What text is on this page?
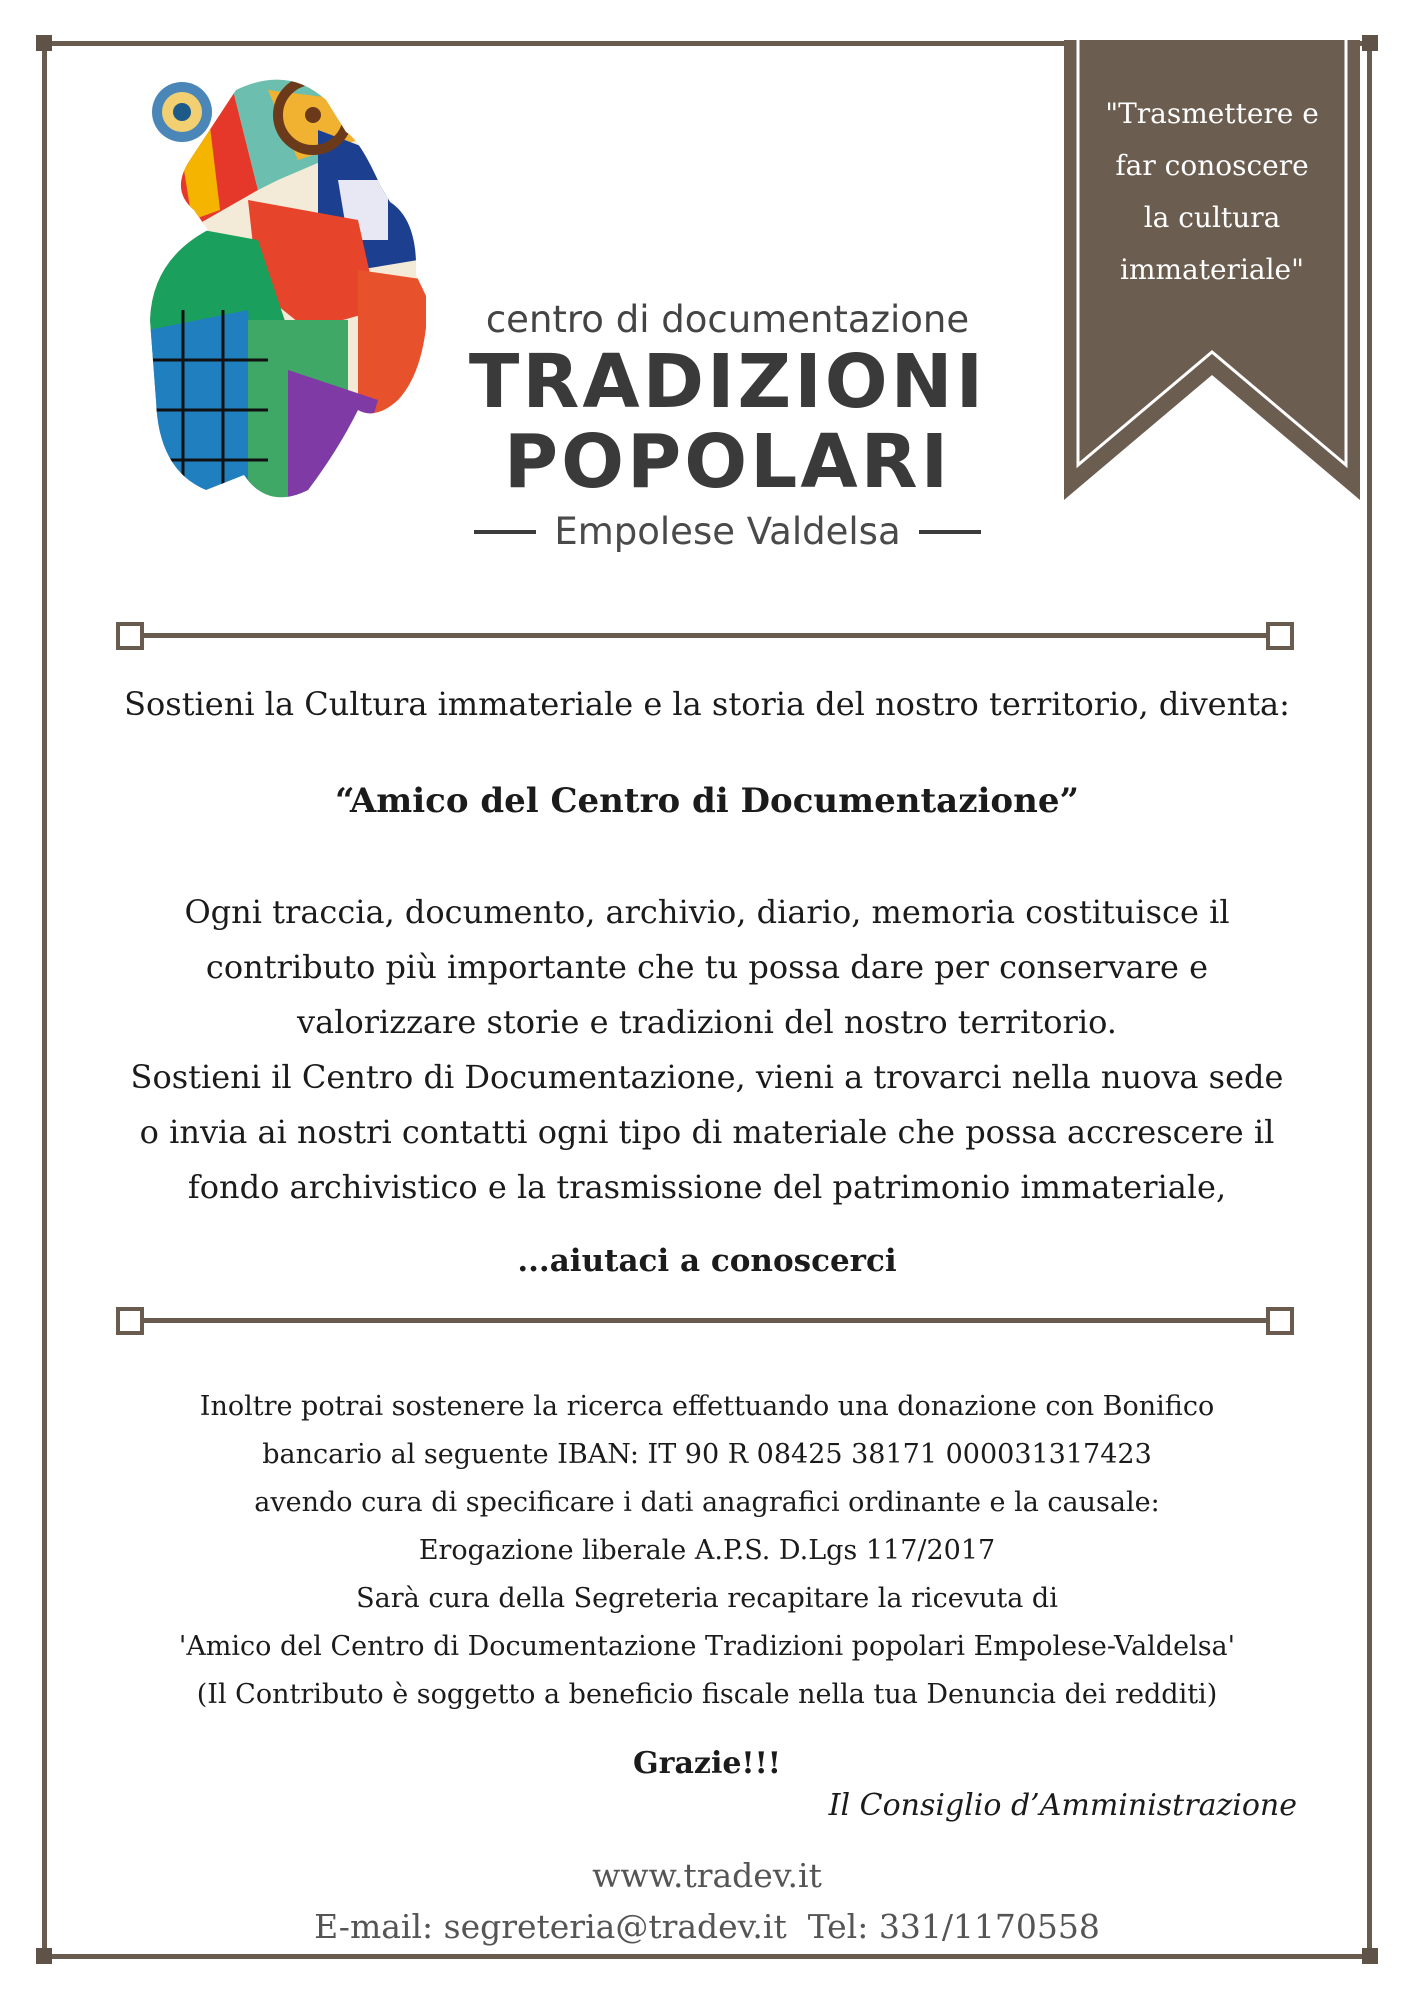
centro di documentazione
TRADIZIONI
POPOLARI
Empolese Valdelsa
"Trasmettere e
far conoscere
la cultura
immateriale"
Sostieni la Cultura immateriale e la storia del nostro territorio, diventa:
“Amico del Centro di Documentazione”

Ogni traccia, documento, archivio, diario, memoria costituisce il

contributo più importante che tu possa dare per conservare e

valorizzare storie e tradizioni del nostro territorio.

Sostieni il Centro di Documentazione, vieni a trovarci nella nuova sede

o invia ai nostri contatti ogni tipo di materiale che possa accrescere il

fondo archivistico e la trasmissione del patrimonio immateriale,

...aiutaci a conoscerci

Inoltre potrai sostenere la ricerca effettuando una donazione con Bonifico

bancario al seguente IBAN: IT 90 R 08425 38171 000031317423

avendo cura di specificare i dati anagrafici ordinante e la causale:

Erogazione liberale A.P.S. D.Lgs 117/2017

Sarà cura della Segreteria recapitare la ricevuta di

'Amico del Centro di Documentazione Tradizioni popolari Empolese-Valdelsa'

(Il Contributo è soggetto a beneficio fiscale nella tua Denuncia dei redditi)

Grazie!!!
Il Consiglio d’Amministrazione
www.tradev.it
E-mail: segreteria@tradev.it  Tel: 331/1170558
